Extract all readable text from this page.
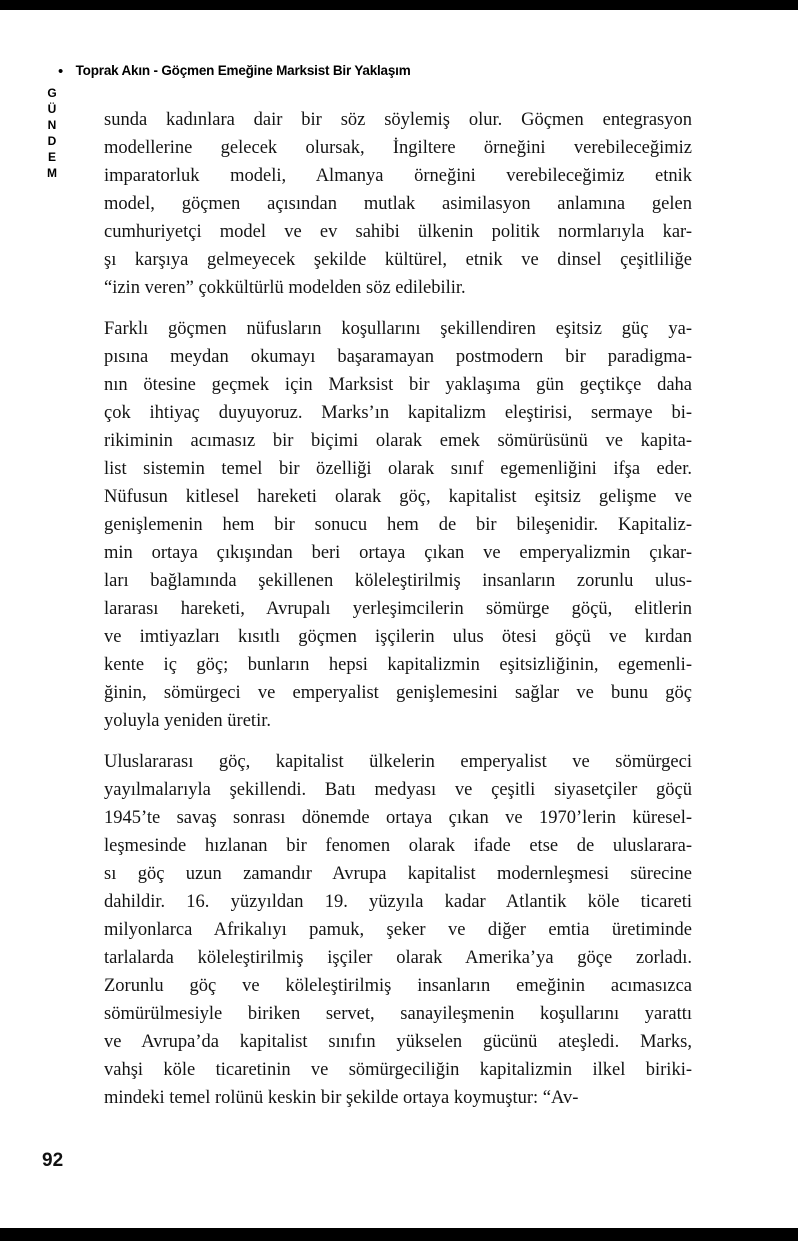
• Toprak Akın - Göçmen Emeğine Marksist Bir Yaklaşım
GÜNDEM sunda kadınlara dair bir söz söylemiş olur. Göçmen entegrasyon
modellerine gelecek olursak, İngiltere örneğini verebileceğimiz
imparatorluk modeli, Almanya örneğini verebileceğimiz etnik
model, göçmen açısından mutlak asimilasyon anlamına gelen
cumhuriyetçi model ve ev sahibi ülkenin politik normlarıyla kar-
şı karşıya gelmeyecek şekilde kültürel, etnik ve dinsel çeşitliliğe
“izin veren” çokkültürlü modelden söz edilebilir.
Farklı göçmen nüfusların koşullarını şekillendiren eşitsiz güç ya-
pısına meydan okumayı başaramayan postmodern bir paradigma-
nın ötesine geçmek için Marksist bir yaklaşıma gün geçtikçe daha
çok ihtiyaç duyuyoruz. Marks’ın kapitalizm eleştirisi, sermaye bi-
rikiminin acımasız bir biçimi olarak emek sömürüsünü ve kapita-
list sistemin temel bir özelliği olarak sınıf egemenliğini ifşa eder.
Nüfusun kitlesel hareketi olarak göç, kapitalist eşitsiz gelişme ve
genişlemenin hem bir sonucu hem de bir bileşenidir. Kapitaliz-
min ortaya çıkışından beri ortaya çıkan ve emperyalizmin çıkar-
ları bağlamında şekillenen köleleştirilmiş insanların zorunlu ulus-
lararası hareketi, Avrupalı yerleşimcilerin sömürge göçü, elitlerin
ve imtiyazları kısıtlı göçmen işçilerin ulus ötesi göçü ve kırdan
kente iç göç; bunların hepsi kapitalizmin eşitsizliğinin, egemenli-
ğinin, sömürgeci ve emperyalist genişlemesini sağlar ve bunu göç
yoluyla yeniden üretir.
Uluslararası göç, kapitalist ülkelerin emperyalist ve sömürgeci
yayılmalarıyla şekillendi. Batı medyası ve çeşitli siyasetçiler göçü
1945’te savaş sonrası dönemde ortaya çıkan ve 1970’lerin küresel-
leşmesinde hızlanan bir fenomen olarak ifade etse de uluslarara-
sı göç uzun zamandır Avrupa kapitalist modernleşmesi sürecine
dahildir. 16. yüzyıldan 19. yüzyıla kadar Atlantik köle ticareti
milyonlarca Afrikalıyı pamuk, şeker ve diğer emtia üretiminde
tarlalarda köleleştirilmiş işçiler olarak Amerika’ya göçe zorladı.
Zorunlu göç ve köleleştirilmiş insanların emeğinin acımasızca
sömürülmesiyle biriken servet, sanayileşmenin koşullarını yarattı
ve Avrupa’da kapitalist sınıfın yükselen gücünü ateşledi. Marks,
vahşi köle ticaretinin ve sömürgeciliğin kapitalizmin ilkel biriki-
mindeki temel rolünü keskin bir şekilde ortaya koymuştur: “Av-
92
